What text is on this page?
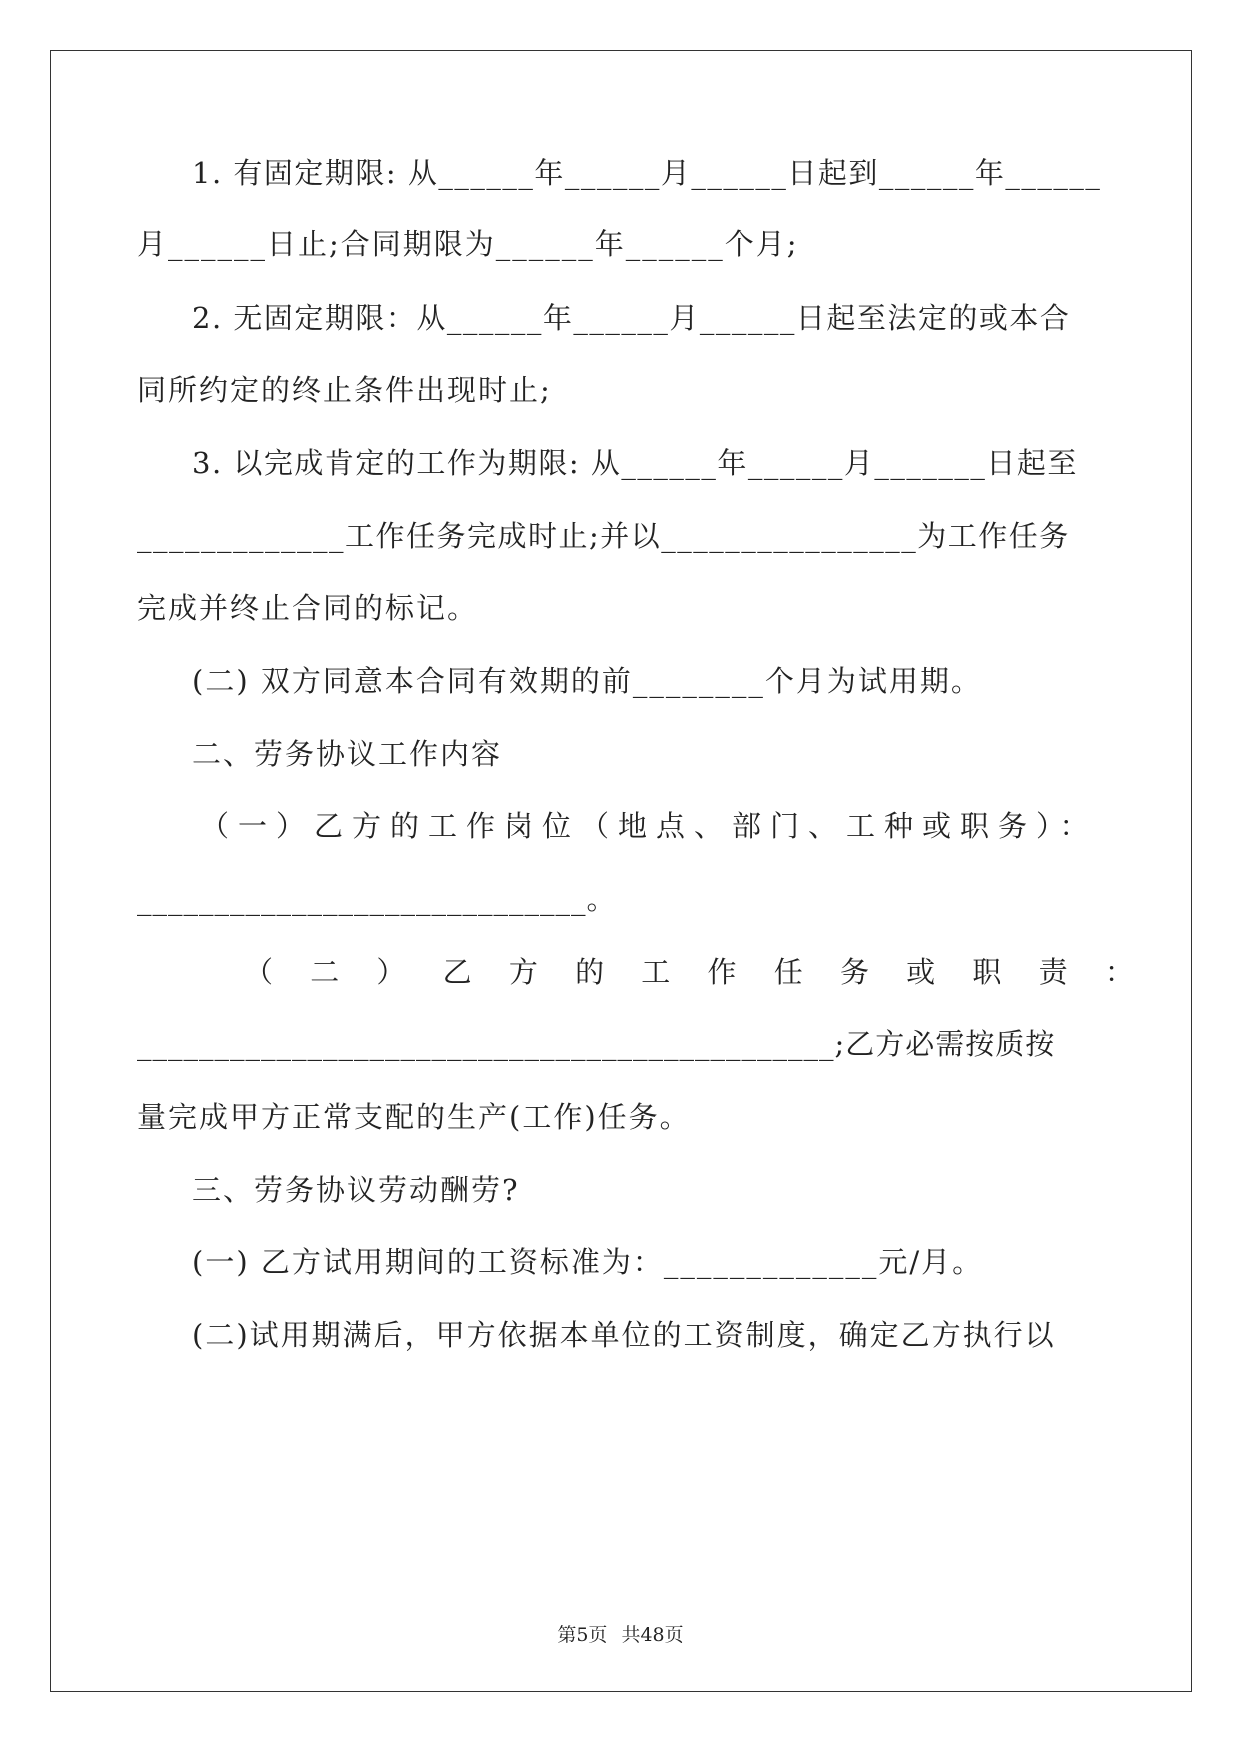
1. 有固定期限: 从______年______月______日起到______年______

月______日止;合同期限为______年______个月;

2. 无固定期限：从______年______月______日起至法定的或本合

同所约定的终止条件出现时止;

3. 以完成肯定的工作为期限: 从______年______月_______日起至

_____________工作任务完成时止;并以________________为工作任务

完成并终止合同的标记。

(二) 双方同意本合同有效期的前________个月为试用期。

二、劳务协议工作内容

（一）乙方的工作岗位（地点、部门、工种或职务）：

_____________________________。

（ 二 ） 乙 方 的 工 作 任 务 或 职 责 ：

_____________________________________________;乙方必需按质按

量完成甲方正常支配的生产(工作)任务。

三、劳务协议劳动酬劳?

(一) 乙方试用期间的工资标准为：_____________元/月。

(二)试用期满后，甲方依据本单位的工资制度，确定乙方执行以

第5页 共48页
